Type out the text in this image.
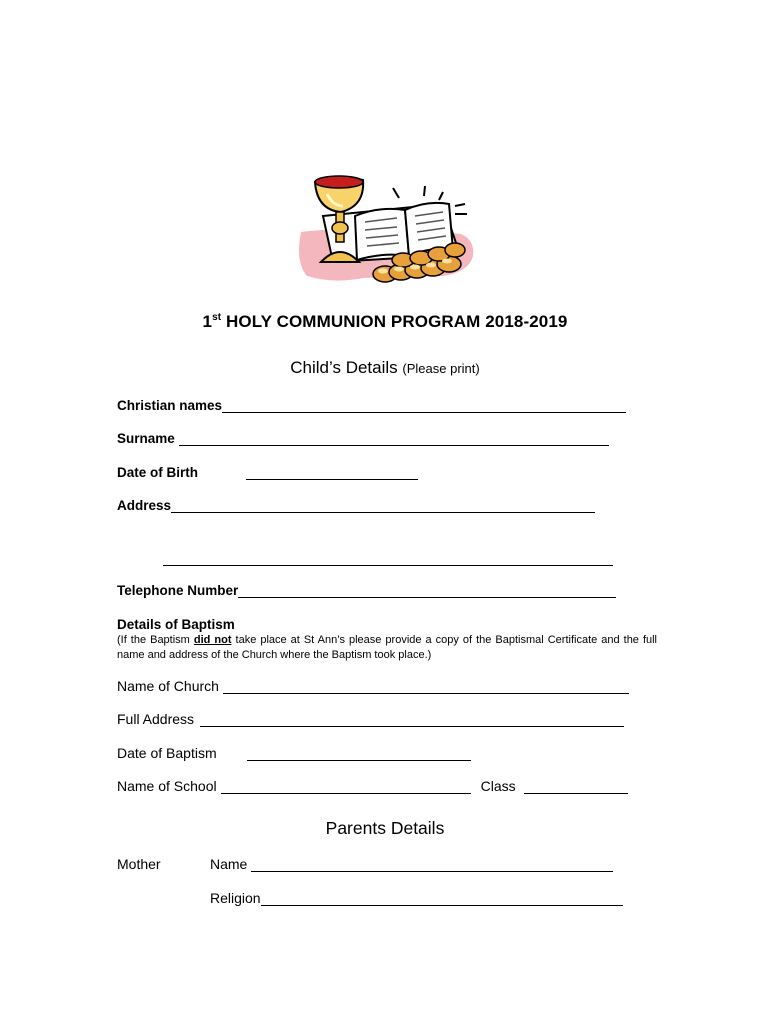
1st HOLY COMMUNION PROGRAM 2018-2019
Child’s Details (Please print)
Christian names
Surname
Date of Birth
Address
Telephone Number
Details of Baptism
(If the Baptism did not take place at St Ann’s please provide a copy of the Baptismal Certificate and the full name and address of the Church where the Baptism took place.)
Name of Church
Full Address
Date of Baptism
Name of School	Class
Parents Details
Mother	Name
Religion
